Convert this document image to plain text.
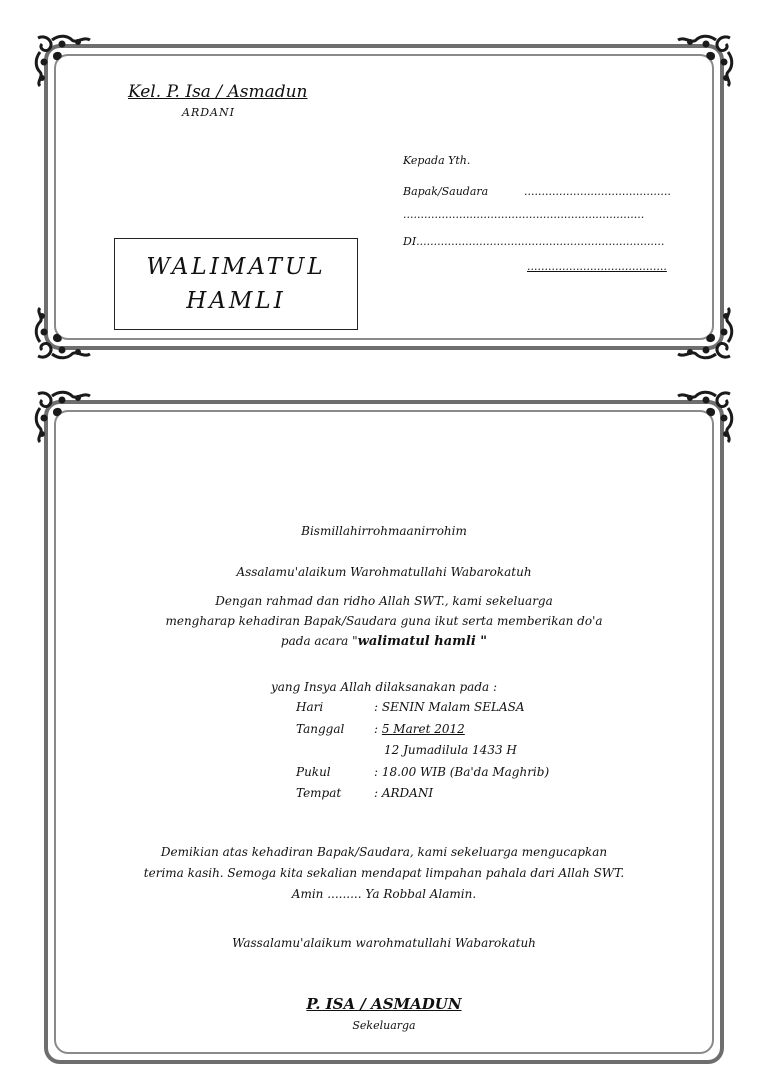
Kel. P. Isa / Asmadun
ARDANI
Kepada Yth.
Bapak/Saudara	..........................................
.....................................................................
DI.......................................................................
........................................
WALIMATUL
HAMLI
Bismillahirrohmaanirrohim
Assalamu'alaikum Warohmatullahi Wabarokatuh
Dengan rahmad dan ridho Allah SWT., kami sekeluarga
mengharap kehadiran Bapak/Saudara guna ikut serta memberikan do'a
pada acara "walimatul hamli "
yang Insya Allah dilaksanakan pada :
Hari	: SENIN Malam SELASA
Tanggal : 5 Maret 2012
12 Jumadilula 1433 H
Pukul	: 18.00 WIB (Ba'da Maghrib)
Tempat	: ARDANI
Demikian atas kehadiran Bapak/Saudara, kami sekeluarga mengucapkan
terima kasih. Semoga kita sekalian mendapat limpahan pahala dari Allah SWT.
Amin ......... Ya Robbal Alamin.
Wassalamu'alaikum warohmatullahi Wabarokatuh
P. ISA / ASMADUN
Sekeluarga
